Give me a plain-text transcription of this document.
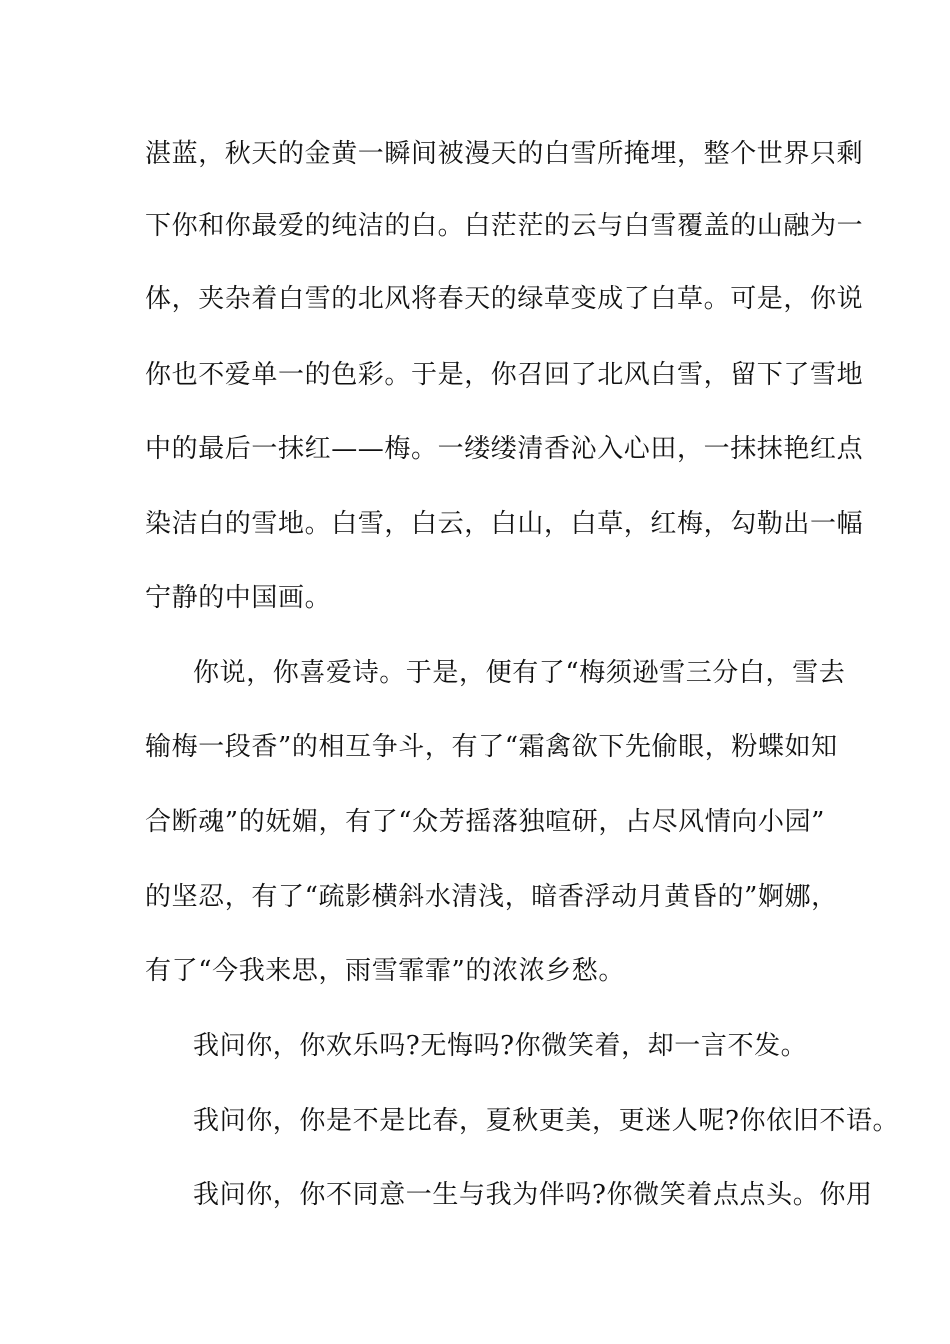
湛蓝，秋天的金黄一瞬间被漫天的白雪所掩埋，整个世界只剩
下你和你最爱的纯洁的白。白茫茫的云与白雪覆盖的山融为一
体，夹杂着白雪的北风将春天的绿草变成了白草。可是，你说
你也不爱单一的色彩。于是，你召回了北风白雪，留下了雪地
中的最后一抹红——梅。一缕缕清香沁入心田，一抹抹艳红点
染洁白的雪地。白雪，白云，白山，白草，红梅，勾勒出一幅
宁静的中国画。
你说，你喜爱诗。于是，便有了“梅须逊雪三分白，雪去
输梅一段香”的相互争斗，有了“霜禽欲下先偷眼，粉蝶如知
合断魂”的妩媚，有了“众芳摇落独喧研，占尽风情向小园”
的坚忍，有了“疏影横斜水清浅，暗香浮动月黄昏的”婀娜，
有了“今我来思，雨雪霏霏”的浓浓乡愁。
我问你，你欢乐吗?无悔吗?你微笑着，却一言不发。
我问你，你是不是比春，夏秋更美，更迷人呢?你依旧不语。
我问你，你不同意一生与我为伴吗?你微笑着点点头。你用
